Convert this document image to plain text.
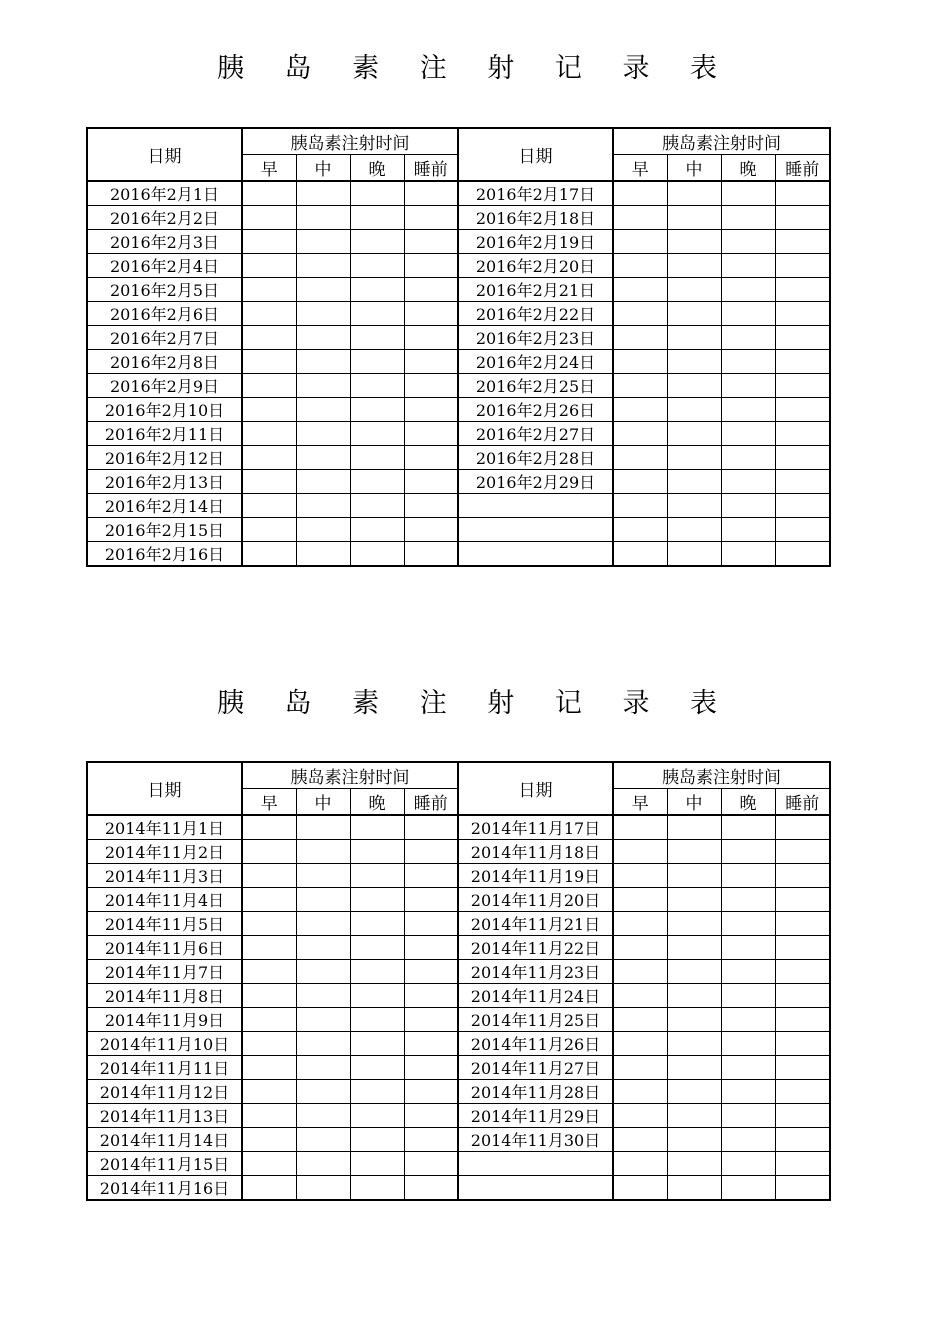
胰 岛 素 注 射 记 录 表
日期	胰岛素注射时间				日期	胰岛素注射时间			
	早	中	晚	睡前		早	中	晚	睡前
2016年2月1日					2016年2月17日				
2016年2月2日					2016年2月18日				
2016年2月3日					2016年2月19日				
2016年2月4日					2016年2月20日				
2016年2月5日					2016年2月21日				
2016年2月6日					2016年2月22日				
2016年2月7日					2016年2月23日				
2016年2月8日					2016年2月24日				
2016年2月9日					2016年2月25日				
2016年2月10日					2016年2月26日				
2016年2月11日					2016年2月27日				
2016年2月12日					2016年2月28日				
2016年2月13日					2016年2月29日				
2016年2月14日									
2016年2月15日									
2016年2月16日									
胰 岛 素 注 射 记 录 表
日期	胰岛素注射时间				日期	胰岛素注射时间			
	早	中	晚	睡前		早	中	晚	睡前
2014年11月1日					2014年11月17日				
2014年11月2日					2014年11月18日				
2014年11月3日					2014年11月19日				
2014年11月4日					2014年11月20日				
2014年11月5日					2014年11月21日				
2014年11月6日					2014年11月22日				
2014年11月7日					2014年11月23日				
2014年11月8日					2014年11月24日				
2014年11月9日					2014年11月25日				
2014年11月10日					2014年11月26日				
2014年11月11日					2014年11月27日				
2014年11月12日					2014年11月28日				
2014年11月13日					2014年11月29日				
2014年11月14日					2014年11月30日				
2014年11月15日									
2014年11月16日									
